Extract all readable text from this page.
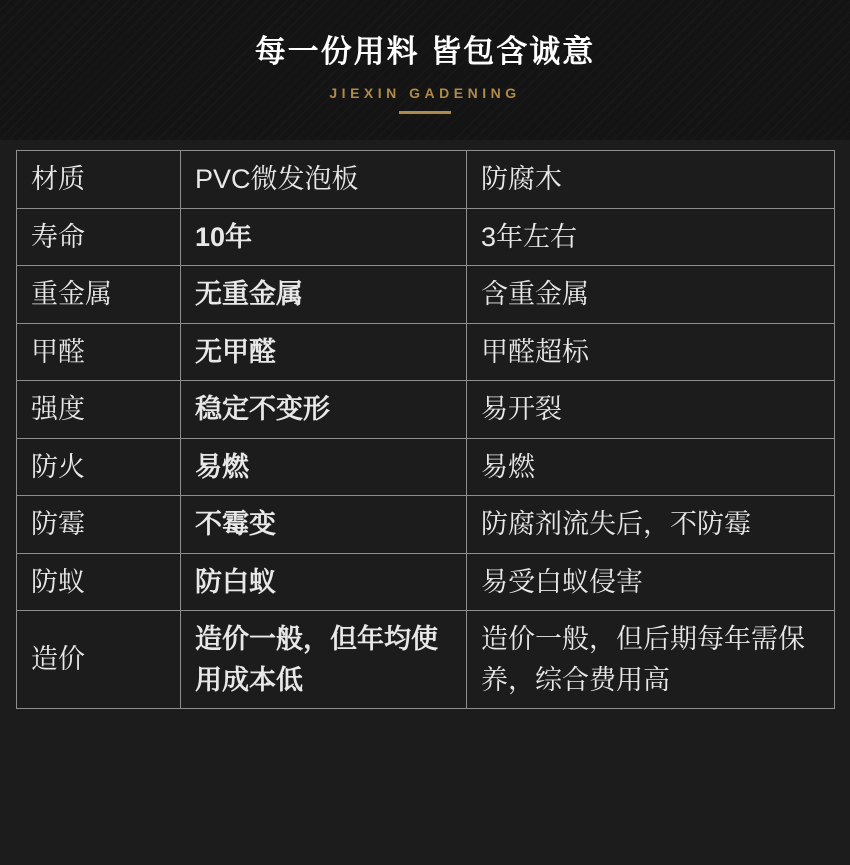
每一份用料 皆包含诚意
JIEXIN GADENING
材质	PVC微发泡板	防腐木
寿命	10年	3年左右
重金属	无重金属	含重金属
甲醛	无甲醛	甲醛超标
强度	稳定不变形	易开裂
防火	易燃	易燃
防霉	不霉变	防腐剂流失后，不防霉
防蚁	防白蚁	易受白蚁侵害
造价	造价一般，但年均使用成本低	造价一般，但后期每年需保养，综合费用高
